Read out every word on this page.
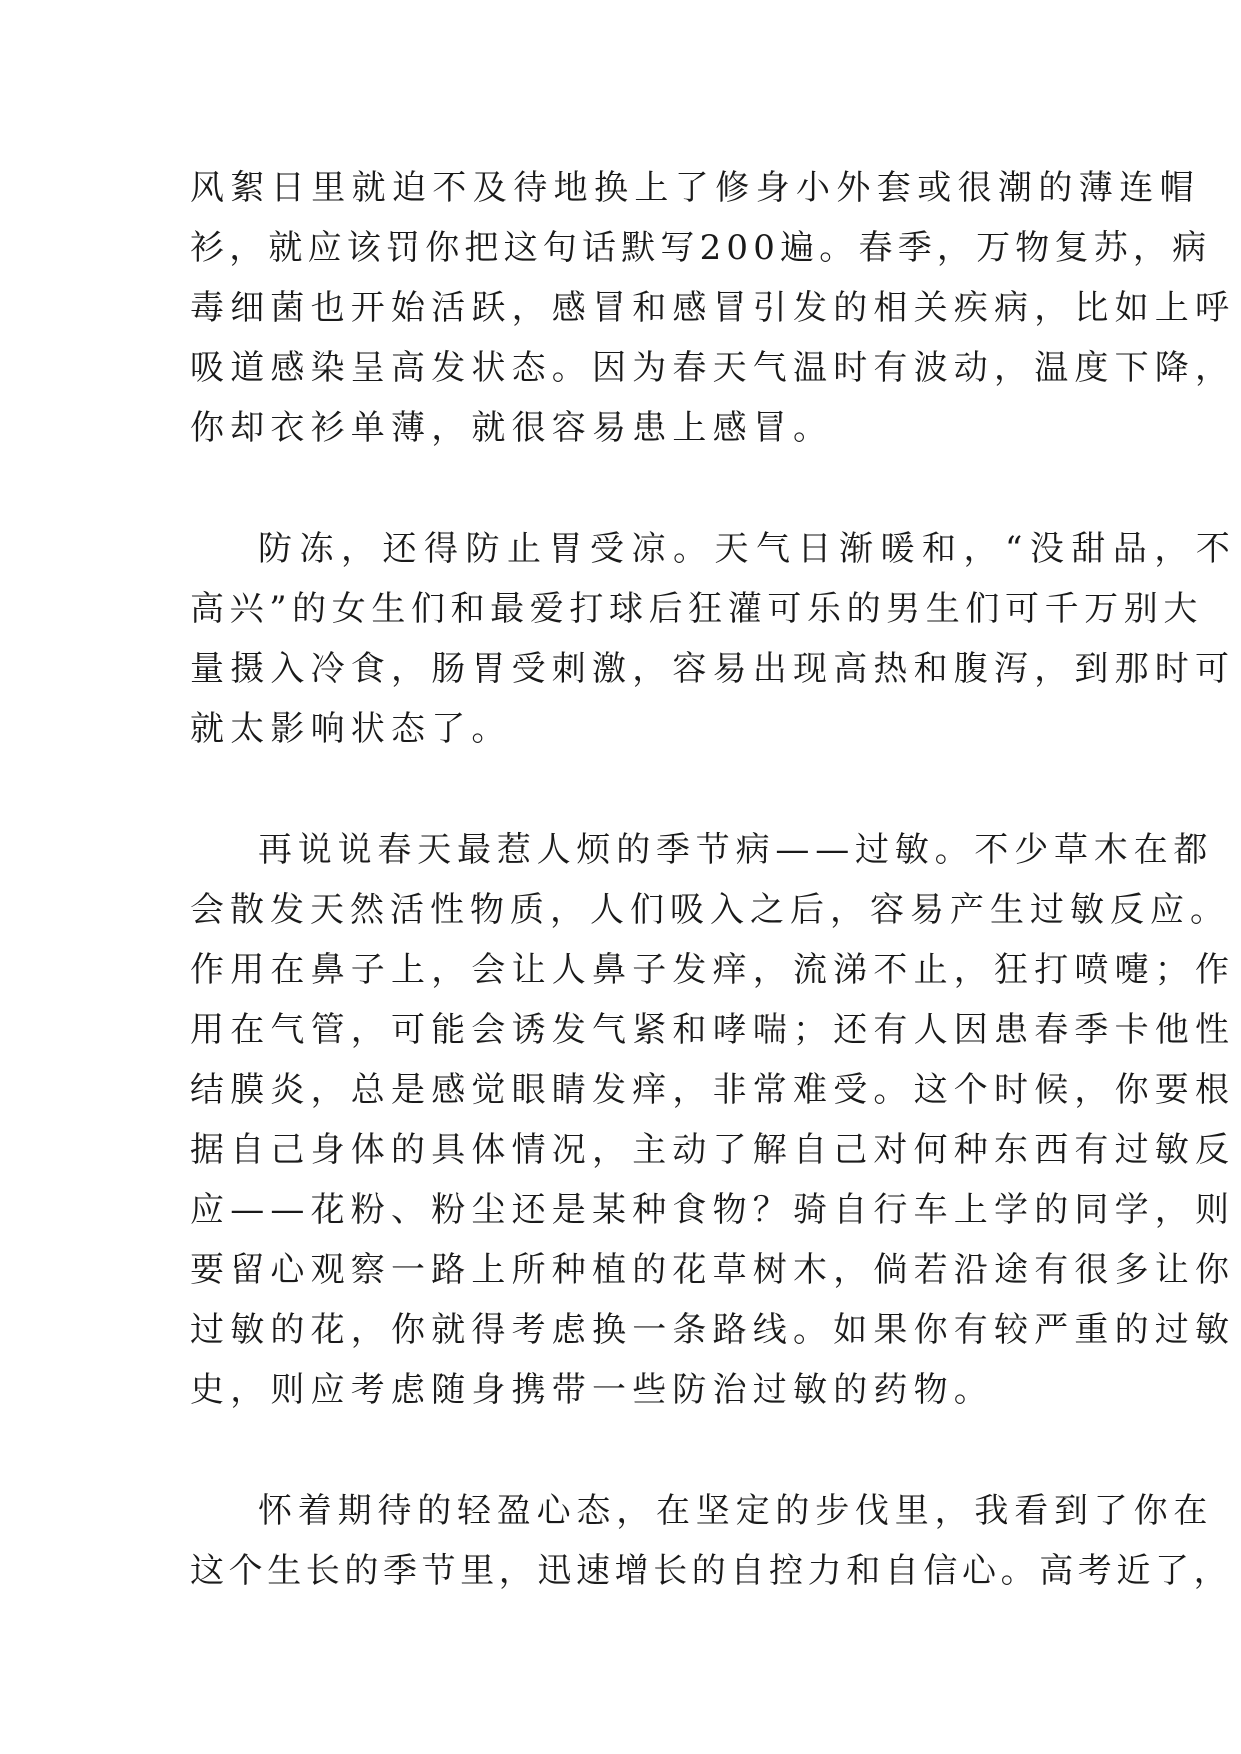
风絮日里就迫不及待地换上了修身小外套或很潮的薄连帽
衫，就应该罚你把这句话默写200遍。春季，万物复苏，病
毒细菌也开始活跃，感冒和感冒引发的相关疾病，比如上呼
吸道感染呈高发状态。因为春天气温时有波动，温度下降，
你却衣衫单薄，就很容易患上感冒。
防冻，还得防止胃受凉。天气日渐暖和，“没甜品，不
高兴”的女生们和最爱打球后狂灌可乐的男生们可千万别大
量摄入冷食，肠胃受刺激，容易出现高热和腹泻，到那时可
就太影响状态了。
再说说春天最惹人烦的季节病——过敏。不少草木在都
会散发天然活性物质，人们吸入之后，容易产生过敏反应。
作用在鼻子上，会让人鼻子发痒，流涕不止，狂打喷嚏；作
用在气管，可能会诱发气紧和哮喘；还有人因患春季卡他性
结膜炎，总是感觉眼睛发痒，非常难受。这个时候，你要根
据自己身体的具体情况，主动了解自己对何种东西有过敏反
应——花粉、粉尘还是某种食物？骑自行车上学的同学，则
要留心观察一路上所种植的花草树木，倘若沿途有很多让你
过敏的花，你就得考虑换一条路线。如果你有较严重的过敏
史，则应考虑随身携带一些防治过敏的药物。
怀着期待的轻盈心态，在坚定的步伐里，我看到了你在
这个生长的季节里，迅速增长的自控力和自信心。高考近了，
